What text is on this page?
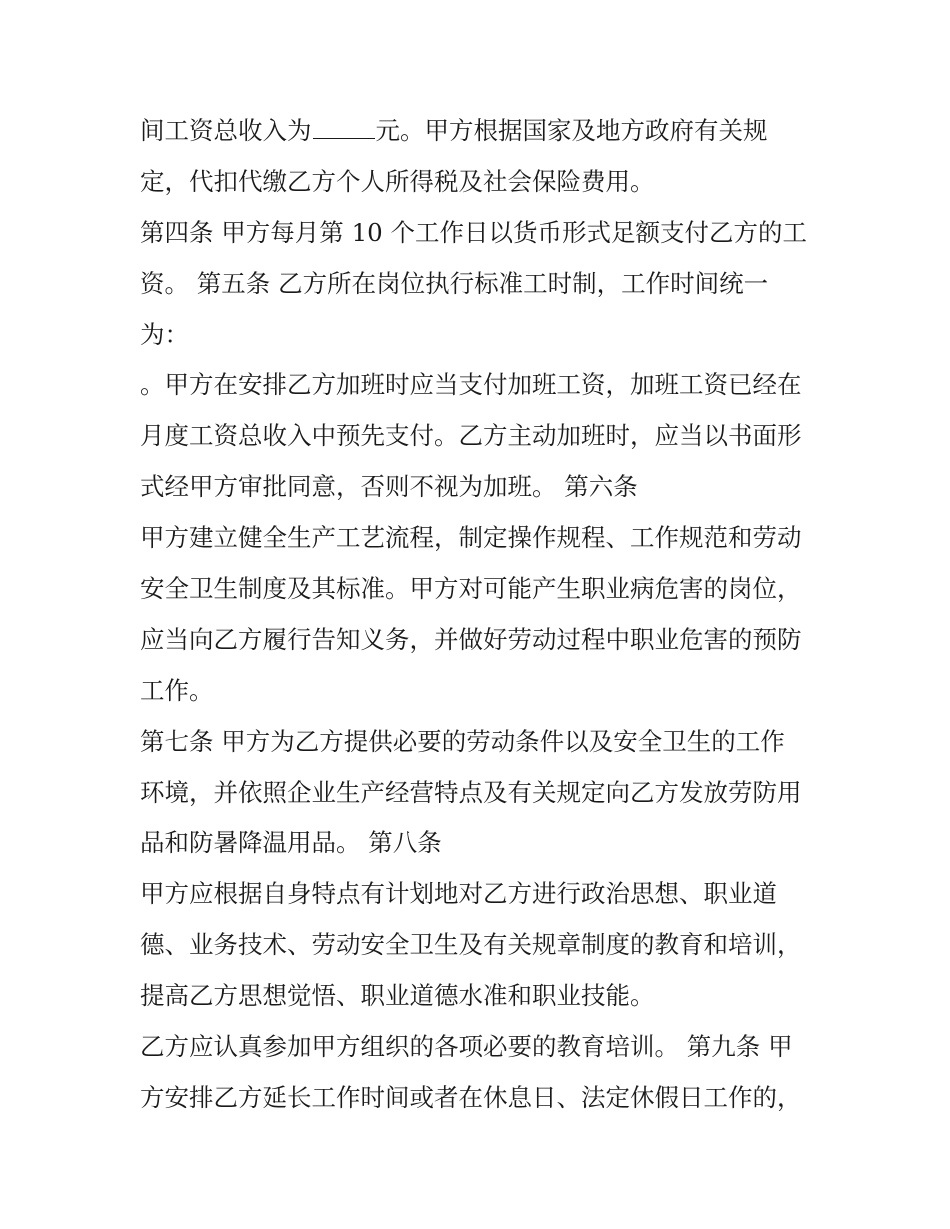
间工资总收入为	元。甲方根据国家及地方政府有关规
定，代扣代缴乙方个人所得税及社会保险费用。
第四条 甲方每月第 10 个工作日以货币形式足额支付乙方的工
资。 第五条 乙方所在岗位执行标准工时制，工作时间统一
为：
。甲方在安排乙方加班时应当支付加班工资，加班工资已经在
月度工资总收入中预先支付。乙方主动加班时，应当以书面形
式经甲方审批同意，否则不视为加班。 第六条
甲方建立健全生产工艺流程，制定操作规程、工作规范和劳动
安全卫生制度及其标准。甲方对可能产生职业病危害的岗位，
应当向乙方履行告知义务，并做好劳动过程中职业危害的预防
工作。
第七条 甲方为乙方提供必要的劳动条件以及安全卫生的工作
环境，并依照企业生产经营特点及有关规定向乙方发放劳防用
品和防暑降温用品。 第八条
甲方应根据自身特点有计划地对乙方进行政治思想、职业道
德、业务技术、劳动安全卫生及有关规章制度的教育和培训，
提高乙方思想觉悟、职业道德水准和职业技能。
乙方应认真参加甲方组织的各项必要的教育培训。 第九条 甲
方安排乙方延长工作时间或者在休息日、法定休假日工作的，
